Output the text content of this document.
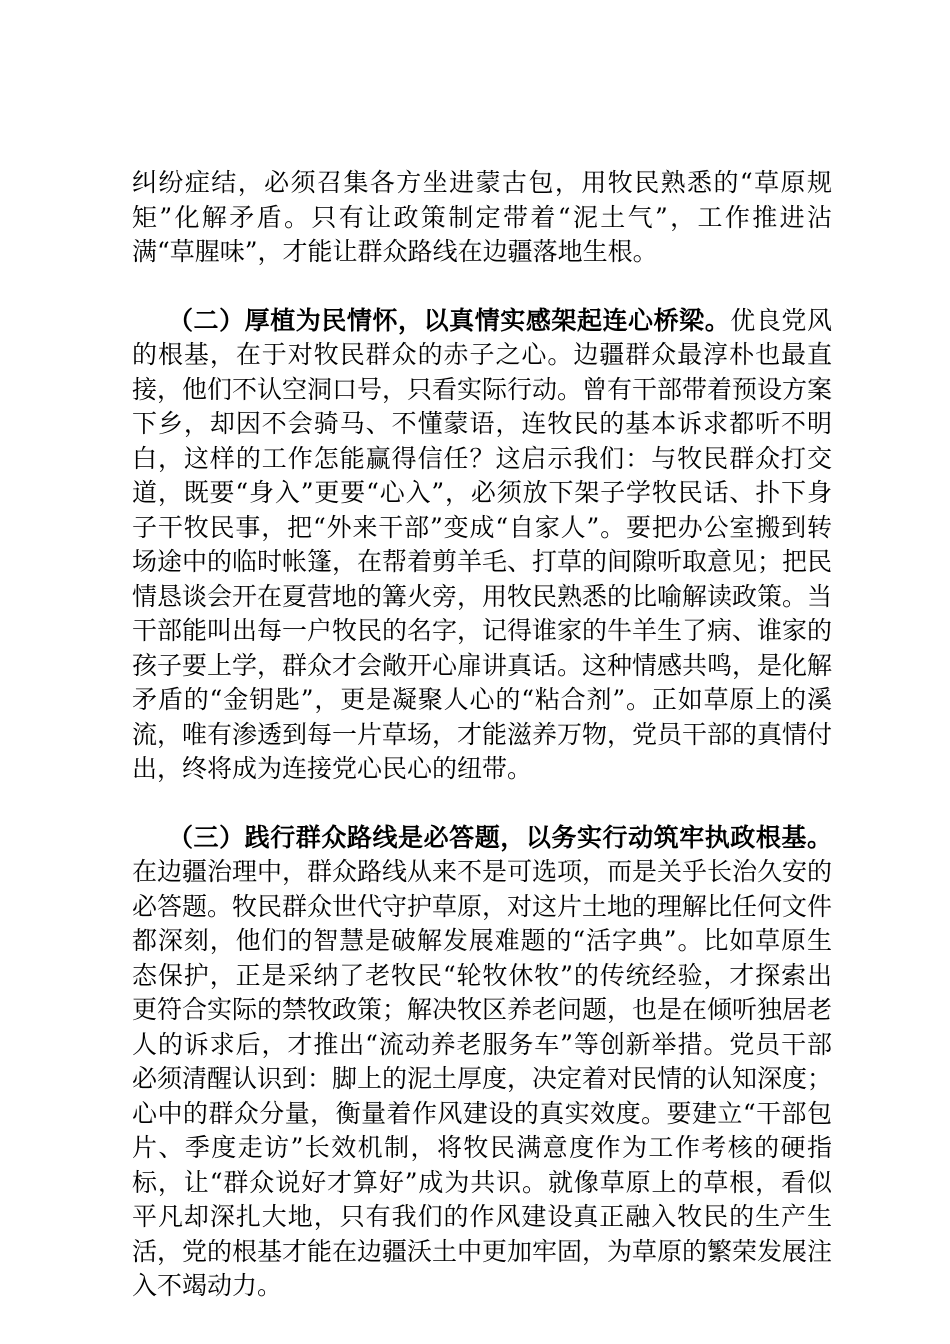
纠纷症结，必须召集各方坐进蒙古包，用牧民熟悉的“草原规矩”化解矛盾。只有让政策制定带着“泥土气”，工作推进沾满“草腥味”，才能让群众路线在边疆落地生根。

（二）厚植为民情怀，以真情实感架起连心桥梁。优良党风的根基，在于对牧民群众的赤子之心。边疆群众最淳朴也最直接，他们不认空洞口号，只看实际行动。曾有干部带着预设方案下乡，却因不会骑马、不懂蒙语，连牧民的基本诉求都听不明白，这样的工作怎能赢得信任？这启示我们：与牧民群众打交道，既要“身入”更要“心入”，必须放下架子学牧民话、扑下身子干牧民事，把“外来干部”变成“自家人”。要把办公室搬到转场途中的临时帐篷，在帮着剪羊毛、打草的间隙听取意见；把民情恳谈会开在夏营地的篝火旁，用牧民熟悉的比喻解读政策。当干部能叫出每一户牧民的名字，记得谁家的牛羊生了病、谁家的孩子要上学，群众才会敞开心扉讲真话。这种情感共鸣，是化解矛盾的“金钥匙”，更是凝聚人心的“粘合剂”。正如草原上的溪流，唯有渗透到每一片草场，才能滋养万物，党员干部的真情付出，终将成为连接党心民心的纽带。

（三）践行群众路线是必答题，以务实行动筑牢执政根基。在边疆治理中，群众路线从来不是可选项，而是关乎长治久安的必答题。牧民群众世代守护草原，对这片土地的理解比任何文件都深刻，他们的智慧是破解发展难题的“活字典”。比如草原生态保护，正是采纳了老牧民“轮牧休牧”的传统经验，才探索出更符合实际的禁牧政策；解决牧区养老问题，也是在倾听独居老人的诉求后，才推出“流动养老服务车”等创新举措。党员干部必须清醒认识到：脚上的泥土厚度，决定着对民情的认知深度；心中的群众分量，衡量着作风建设的真实效度。要建立“干部包片、季度走访”长效机制，将牧民满意度作为工作考核的硬指标，让“群众说好才算好”成为共识。就像草原上的草根，看似平凡却深扎大地，只有我们的作风建设真正融入牧民的生产生活，党的根基才能在边疆沃土中更加牢固，为草原的繁荣发展注入不竭动力。
